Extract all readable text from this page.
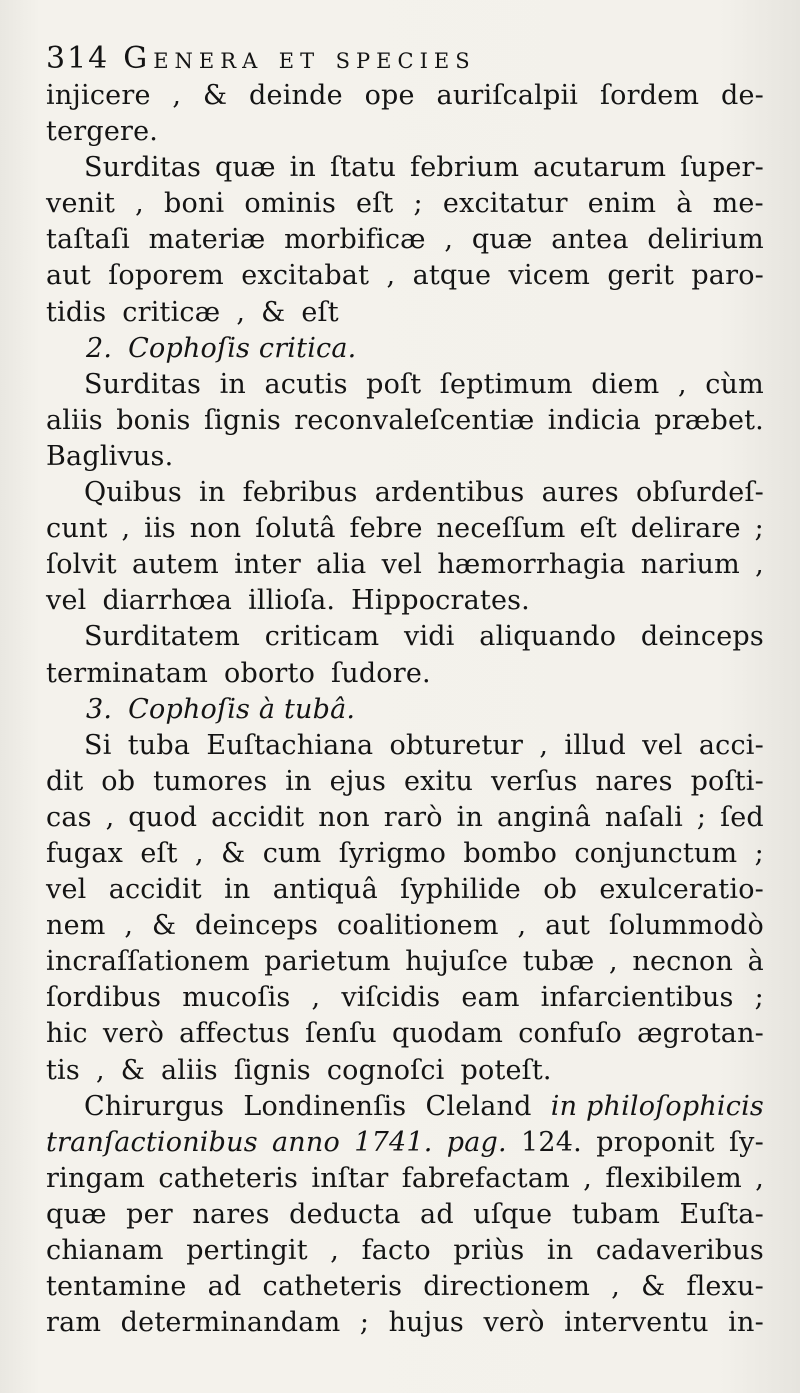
314 Genera et species
injicere , & deinde ope auriſcalpii ſordem de-
tergere.
Surditas quæ in ſtatu febrium acutarum ſuper-
venit , boni ominis eſt ; excitatur enim à me-
taſtaſi materiæ morbificæ , quæ antea delirium
aut ſoporem excitabat , atque vicem gerit paro-
tidis criticæ , & eſt
2. Cophoſis critica.
Surditas in acutis poſt ſeptimum diem , cùm
aliis bonis ſignis reconvaleſcentiæ indicia præbet.
Baglivus.
Quibus in febribus ardentibus aures obſurdeſ-
cunt , iis non ſolutâ febre neceſſum eſt delirare ;
ſolvit autem inter alia vel hæmorrhagia narium ,
vel diarrhœa illioſa. Hippocrates.
Surditatem criticam vidi aliquando deinceps
terminatam oborto ſudore.
3. Cophoſis à tubâ.
Si tuba Euſtachiana obturetur , illud vel acci-
dit ob tumores in ejus exitu verſus nares poſti-
cas , quod accidit non rarò in anginâ naſali ; ſed
fugax eſt , & cum ſyrigmo bombo conjunctum ;
vel accidit in antiquâ ſyphilide ob exulceratio-
nem , & deinceps coalitionem , aut ſolummodò
incraſſationem parietum hujuſce tubæ , necnon à
ſordibus mucoſis , viſcidis eam infarcientibus ;
hic verò affectus ſenſu quodam confuſo ægrotan-
tis , & aliis ſignis cognoſci poteſt.
Chirurgus Londinenſis Cleland in philoſophicis
tranſactionibus anno 1741. pag. 124. proponit ſy-
ringam catheteris inſtar fabrefactam , flexibilem ,
quæ per nares deducta ad uſque tubam Euſta-
chianam pertingit , facto priùs in cadaveribus
tentamine ad catheteris directionem , & flexu-
ram determinandam ; hujus verò interventu in-
